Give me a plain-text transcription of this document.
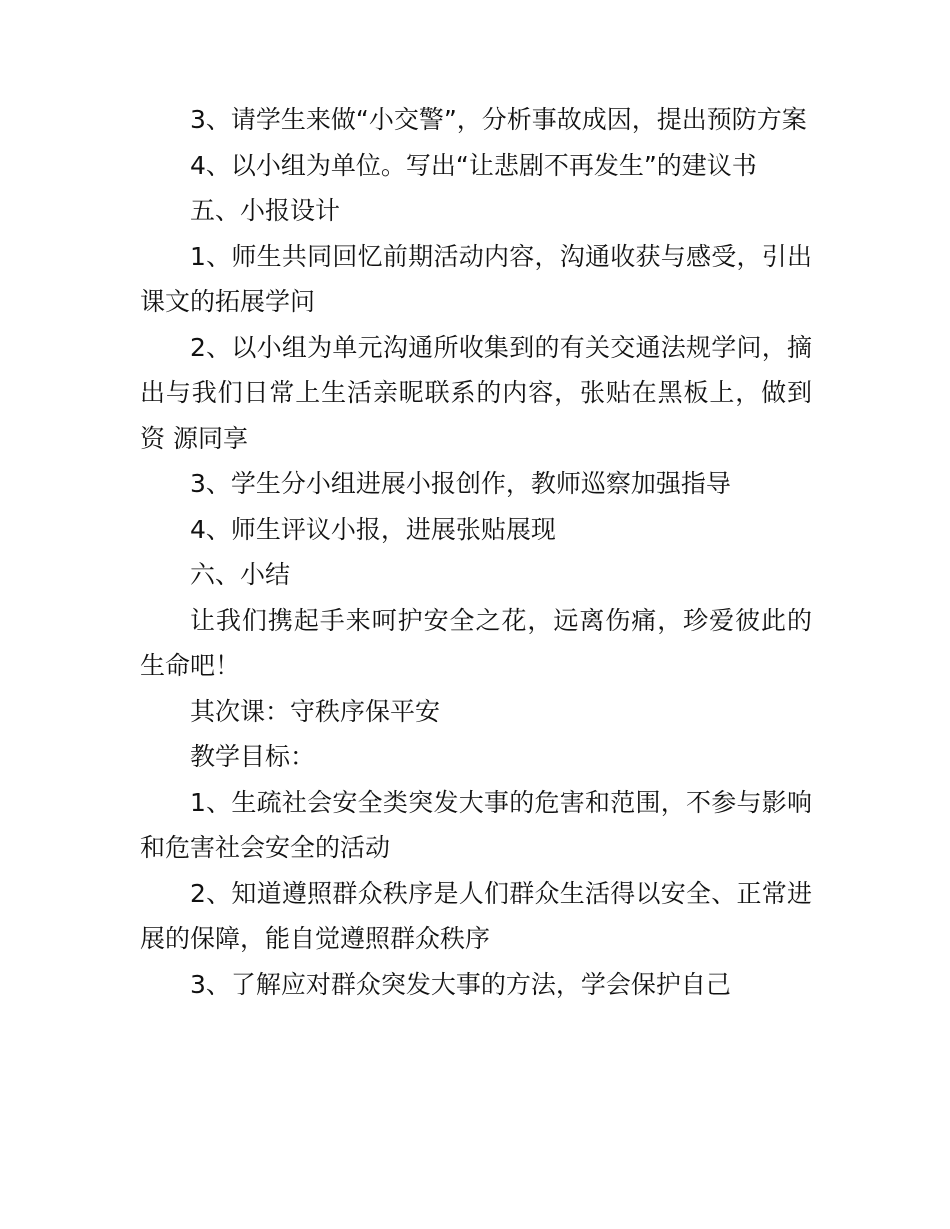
3、请学生来做“小交警”，分析事故成因，提出预防方案

4、以小组为单位。写出“让悲剧不再发生”的建议书

五、小报设计

1、师生共同回忆前期活动内容，沟通收获与感受，引出课文的拓展学问

2、以小组为单元沟通所收集到的有关交通法规学问，摘出与我们日常上生活亲昵联系的内容，张贴在黑板上，做到资 源同享

3、学生分小组进展小报创作，教师巡察加强指导

4、师生评议小报，进展张贴展现

六、小结

让我们携起手来呵护安全之花，远离伤痛，珍爱彼此的生命吧！

其次课：守秩序保平安

教学目标：

1、生疏社会安全类突发大事的危害和范围，不参与影响和危害社会安全的活动

2、知道遵照群众秩序是人们群众生活得以安全、正常进展的保障，能自觉遵照群众秩序

3、了解应对群众突发大事的方法，学会保护自己
